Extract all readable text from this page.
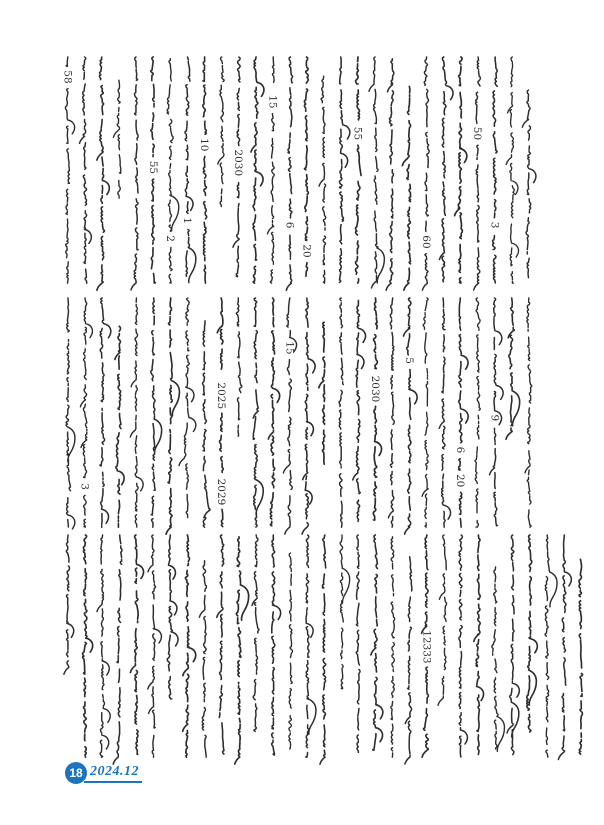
18 2024.12
58
55
2
1
10
2030
15
6
20
55
60
50
3
3
2025
2029
15
2030
5
6
20
9
12333
